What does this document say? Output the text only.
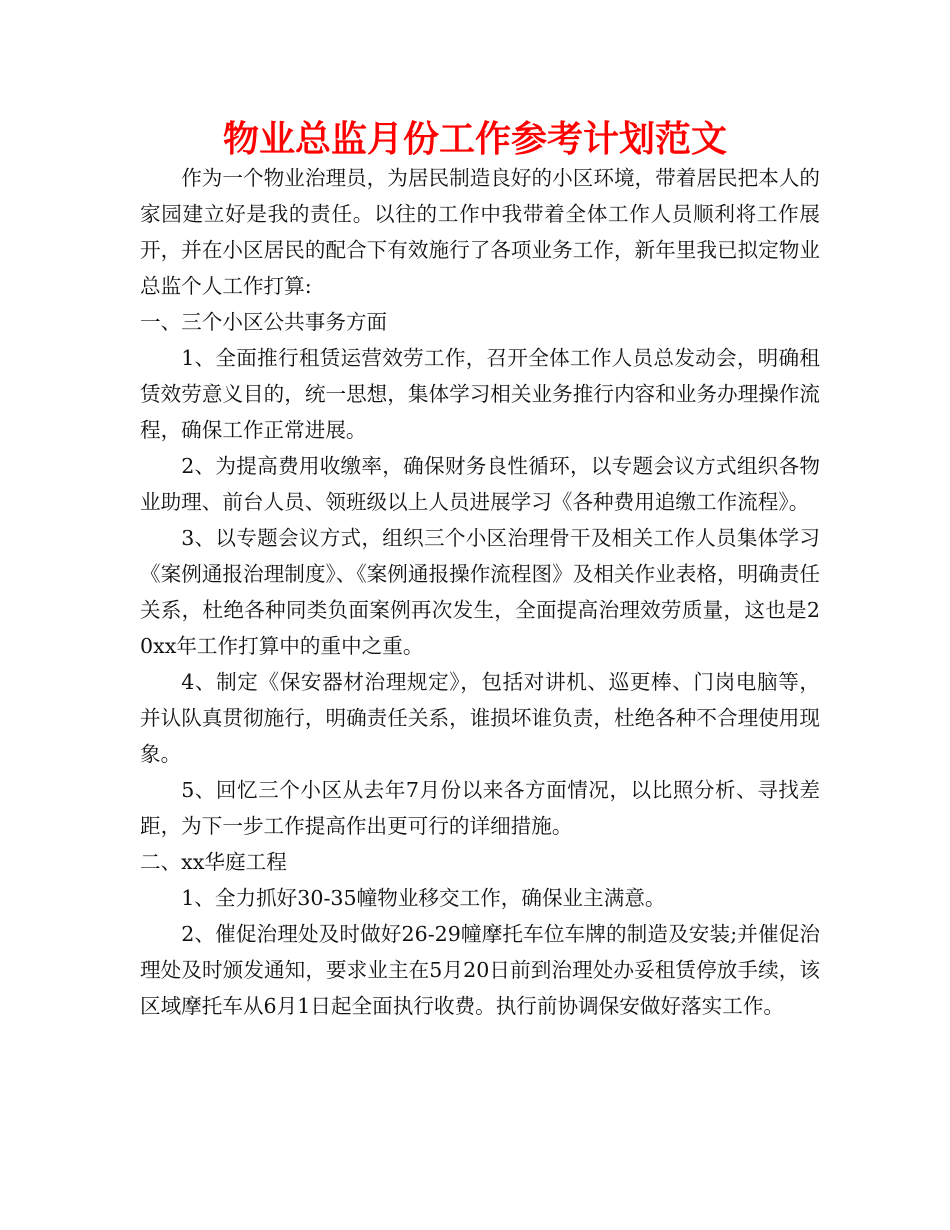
物业总监月份工作参考计划范文

作为一个物业治理员，为居民制造良好的小区环境，带着居民把本人的家园建立好是我的责任。以往的工作中我带着全体工作人员顺利将工作展开，并在小区居民的配合下有效施行了各项业务工作，新年里我已拟定物业总监个人工作打算:

一、三个小区公共事务方面

1、全面推行租赁运营效劳工作，召开全体工作人员总发动会，明确租赁效劳意义目的，统一思想，集体学习相关业务推行内容和业务办理操作流程，确保工作正常进展。

2、为提高费用收缴率，确保财务良性循环，以专题会议方式组织各物业助理、前台人员、领班级以上人员进展学习《各种费用追缴工作流程》。

3、以专题会议方式，组织三个小区治理骨干及相关工作人员集体学习《案例通报治理制度》、《案例通报操作流程图》及相关作业表格，明确责任关系，杜绝各种同类负面案例再次发生，全面提高治理效劳质量，这也是20xx年工作打算中的重中之重。

4、制定《保安器材治理规定》，包括对讲机、巡更棒、门岗电脑等，并认队真贯彻施行，明确责任关系，谁损坏谁负责，杜绝各种不合理使用现象。

5、回忆三个小区从去年7月份以来各方面情况，以比照分析、寻找差距，为下一步工作提高作出更可行的详细措施。

二、xx华庭工程

1、全力抓好30-35幢物业移交工作，确保业主满意。

2、催促治理处及时做好26-29幢摩托车位车牌的制造及安装;并催促治理处及时颁发通知，要求业主在5月20日前到治理处办妥租赁停放手续，该区域摩托车从6月1日起全面执行收费。执行前协调保安做好落实工作。
